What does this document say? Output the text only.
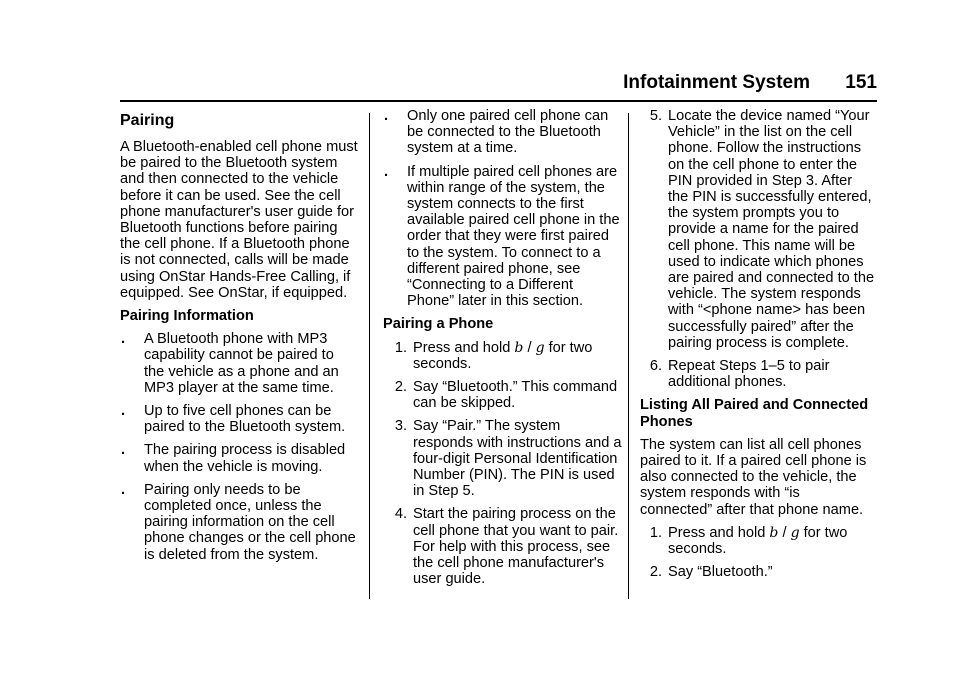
Infotainment System 151
Pairing

A Bluetooth-enabled cell phone must be paired to the Bluetooth system and then connected to the vehicle before it can be used. See the cell phone manufacturer's user guide for Bluetooth functions before pairing the cell phone. If a Bluetooth phone is not connected, calls will be made using OnStar Hands-Free Calling, if equipped. See OnStar, if equipped.

Pairing Information

. A Bluetooth phone with MP3 capability cannot be paired to the vehicle as a phone and an MP3 player at the same time.
. Up to five cell phones can be paired to the Bluetooth system.
. The pairing process is disabled when the vehicle is moving.
. Pairing only needs to be completed once, unless the pairing information on the cell phone changes or the cell phone is deleted from the system.
. Only one paired cell phone can be connected to the Bluetooth system at a time.
. If multiple paired cell phones are within range of the system, the system connects to the first available paired cell phone in the order that they were first paired to the system. To connect to a different paired phone, see “Connecting to a Different Phone” later in this section.

Pairing a Phone

1. Press and hold b / g for two seconds.
2. Say “Bluetooth.” This command can be skipped.
3. Say “Pair.” The system responds with instructions and a four-digit Personal Identification Number (PIN). The PIN is used in Step 5.
4. Start the pairing process on the cell phone that you want to pair. For help with this process, see the cell phone manufacturer's user guide.
5. Locate the device named “Your Vehicle” in the list on the cell phone. Follow the instructions on the cell phone to enter the PIN provided in Step 3. After the PIN is successfully entered, the system prompts you to provide a name for the paired cell phone. This name will be used to indicate which phones are paired and connected to the vehicle. The system responds with “<phone name> has been successfully paired” after the pairing process is complete.
6. Repeat Steps 1–5 to pair additional phones.

Listing All Paired and Connected Phones

The system can list all cell phones paired to it. If a paired cell phone is also connected to the vehicle, the system responds with “is connected” after that phone name.

1. Press and hold b / g for two seconds.
2. Say “Bluetooth.”
